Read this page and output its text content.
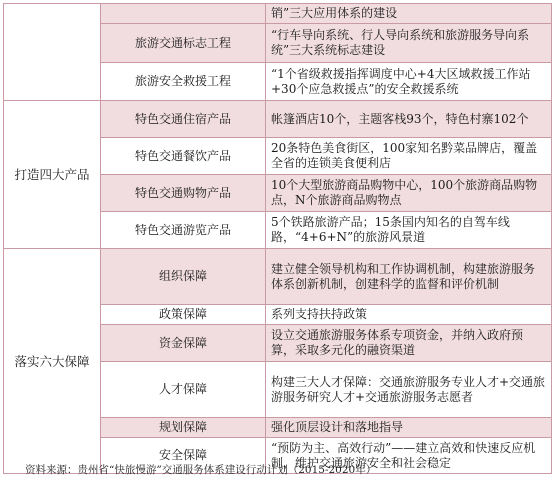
		销”三大应用体系的建设
	旅游交通标志工程	“行车导向系统、行人导向系统和旅游服务导向系统”三大系统标志建设
	旅游安全救援工程	“1个省级救援指挥调度中心+4大区域救援工作站+30个应急救援点”的安全救援系统
打造四大产品	特色交通住宿产品	帐篷酒店10个，主题客栈93个，特色村寨102个
	特色交通餐饮产品	20条特色美食街区，100家知名黔菜品牌店，覆盖全省的连锁美食便利店
	特色交通购物产品	10个大型旅游商品购物中心，100个旅游商品购物点，N个旅游商品购物点
	特色交通游览产品	5个铁路旅游产品；15条国内知名的自驾车线路，“4+6+N”的旅游风景道
落实六大保障	组织保障	建立健全领导机构和工作协调机制，构建旅游服务体系创新机制，创建科学的监督和评价机制
	政策保障	系列支持扶持政策
	资金保障	设立交通旅游服务体系专项资金，并纳入政府预算，采取多元化的融资渠道
	人才保障	构建三大人才保障：交通旅游服务专业人才+交通旅游服务研究人才+交通旅游服务志愿者
	规划保障	强化顶层设计和落地指导
	安全保障	“预防为主、高效行动”——建立高效和快速反应机制，维护交通旅游安全和社会稳定
资料来源：贵州省“快旅慢游”交通服务体系建设行动计划（2015-2020年）
